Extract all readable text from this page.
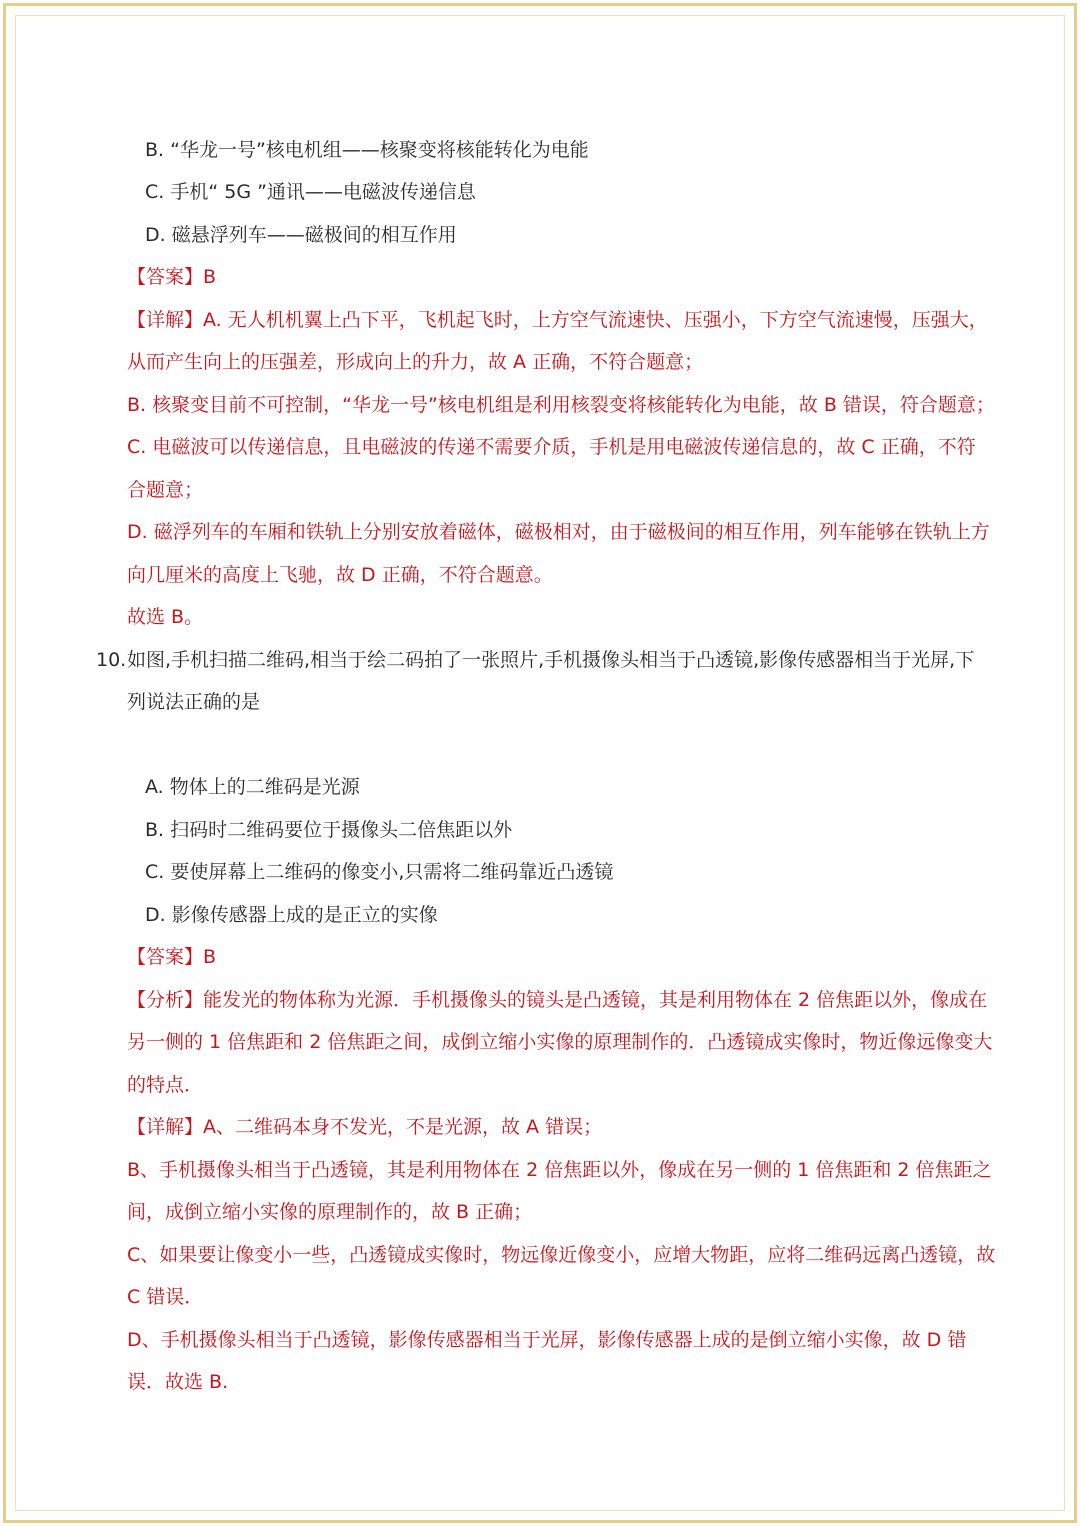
B. “华龙一号”核电机组——核聚变将核能转化为电能
C. 手机“ 5G ”通讯——电磁波传递信息
D. 磁悬浮列车——磁极间的相互作用
【答案】B
【详解】A. 无人机机翼上凸下平，飞机起飞时，上方空气流速快、压强小，下方空气流速慢，压强大，
从而产生向上的压强差，形成向上的升力，故 A 正确，不符合题意；
B. 核聚变目前不可控制，“华龙一号”核电机组是利用核裂变将核能转化为电能，故 B 错误，符合题意；
C. 电磁波可以传递信息，且电磁波的传递不需要介质，手机是用电磁波传递信息的，故 C 正确，不符
合题意；
D. 磁浮列车的车厢和铁轨上分别安放着磁体，磁极相对，由于磁极间的相互作用，列车能够在铁轨上方
向几厘米的高度上飞驰，故 D 正确，不符合题意。
故选 B。
10. 如图,手机扫描二维码,相当于绘二码拍了一张照片,手机摄像头相当于凸透镜,影像传感器相当于光屏,下
列说法正确的是
A. 物体上的二维码是光源
B. 扫码时二维码要位于摄像头二倍焦距以外
C. 要使屏幕上二维码的像变小,只需将二维码靠近凸透镜
D. 影像传感器上成的是正立的实像
【答案】B
【分析】能发光的物体称为光源．手机摄像头的镜头是凸透镜，其是利用物体在 2 倍焦距以外，像成在
另一侧的 1 倍焦距和 2 倍焦距之间，成倒立缩小实像的原理制作的．凸透镜成实像时，物近像远像变大
的特点．
【详解】A、二维码本身不发光，不是光源，故 A 错误；
B、手机摄像头相当于凸透镜，其是利用物体在 2 倍焦距以外，像成在另一侧的 1 倍焦距和 2 倍焦距之
间，成倒立缩小实像的原理制作的，故 B 正确；
C、如果要让像变小一些，凸透镜成实像时，物远像近像变小，应增大物距，应将二维码远离凸透镜，故
C 错误．
D、手机摄像头相当于凸透镜，影像传感器相当于光屏，影像传感器上成的是倒立缩小实像，故 D 错
误．故选 B.
